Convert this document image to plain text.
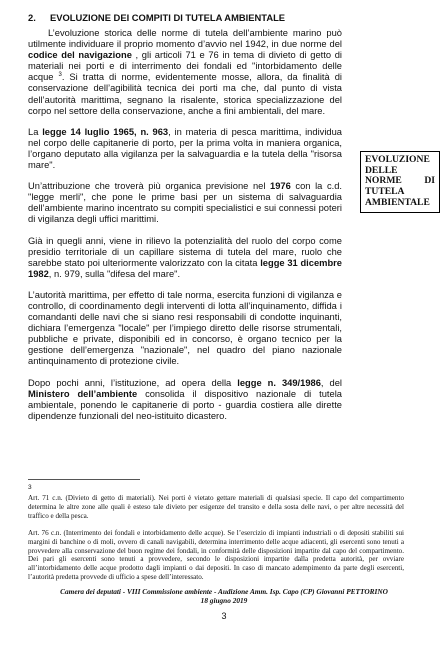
2. EVOLUZIONE DEI COMPITI DI TUTELA AMBIENTALE

L’evoluzione storica delle norme di tutela dell’ambiente marino può utilmente individuare il proprio momento d’avvio nel 1942, in due norme del codice del navigazione , gli articoli 71 e 76 in tema di divieto di getto di materiali nei porti e di interrimento dei fondali ed "intorbidamento delle acque $^3$. Si tratta di norme, evidentemente mosse, allora, da finalità di conservazione dell’agibilità tecnica dei porti ma che, dal punto di vista dell’autorità marittima, segnano la risalente, storica specializzazione del corpo nel settore della conservazione, anche a fini ambientali, del mare.

La legge 14 luglio 1965, n. 963, in materia di pesca marittima, individua nel corpo delle capitanerie di porto, per la prima volta in maniera organica, l’organo deputato alla vigilanza per la salvaguardia e la tutela della "risorsa mare".

Un’attribuzione che troverà più organica previsione nel 1976 con la c.d. "legge merli", che pone le prime basi per un sistema di salvaguardia dell’ambiente marino incentrato su compiti specialistici e sui connessi poteri di vigilanza degli uffici marittimi.

Già in quegli anni, viene in rilievo la potenzialità del ruolo del corpo come presidio territoriale di un capillare sistema di tutela del mare, ruolo che sarebbe stato poi ulteriormente valorizzato con la citata legge 31 dicembre 1982, n. 979, sulla "difesa del mare".

L’autorità marittima, per effetto di tale norma, esercita funzioni di vigilanza e controllo, di coordinamento degli interventi di lotta all’inquinamento, diffida i comandanti delle navi che si siano resi responsabili di condotte inquinanti, dichiara l’emergenza "locale" per l’impiego diretto delle risorse strumentali, pubbliche e private, disponibili ed in concorso, è organo tecnico per la gestione dell’emergenza "nazionale", nel quadro del piano nazionale antinquinamento di protezione civile.

Dopo pochi anni, l’istituzione, ad opera della legge n. 349/1986, del Ministero dell’ambiente consolida il dispositivo nazionale di tutela ambientale, ponendo le capitanerie di porto - guardia costiera alle dirette dipendenze funzionali del neo-istituito dicastero.

EVOLUZIONE
DELLE
NORME DI
TUTELA
AMBIENTALE
3

Art. 71 c.n. (Divieto di getto di materiali). Nei porti è vietato gettare materiali di qualsiasi specie. Il capo del compartimento determina le altre zone alle quali è esteso tale divieto per esigenze del transito e della sosta delle navi, o per altre necessità del traffico e della pesca.

Art. 76 c.n. (Interrimento dei fondali e intorbidamento delle acque). Se l’esercizio di impianti industriali o di depositi stabiliti sui margini di banchine o di moli, ovvero di canali navigabili, determina interrimento delle acque adiacenti, gli esercenti sono tenuti a provvedere alla conservazione del buon regime dei fondali, in conformità delle disposizioni impartite dal capo del compartimento. Dei pari gli esercenti sono tenuti a provvedere, secondo le disposizioni impartite dalla predetta autorità, per ovviare all’intorbidamento delle acque prodotto dagli impianti o dai depositi. In caso di mancato adempimento da parte degli esercenti, l’autorità predetta provvede di ufficio a spese dell’interessato.

Camera dei deputati - VIII Commissione ambiente - Audizione Amm. Isp. Capo (CP) Giovanni PETTORINO
18 giugno 2019
3
